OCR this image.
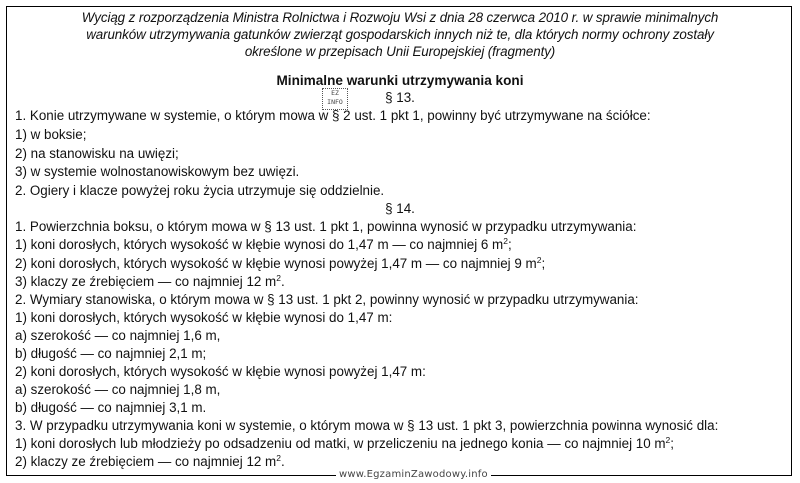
Wyciąg z rozporządzenia Ministra Rolnictwa i Rozwoju Wsi z dnia 28 czerwca 2010 r. w sprawie minimalnych
warunków utrzymywania gatunków zwierząt gospodarskich innych niż te, dla których normy ochrony zostały
określone w przepisach Unii Europejskiej (fragmenty)
Minimalne warunki utrzymywania koni
EZ INFO	§ 13.
1. Konie utrzymywane w systemie, o którym mowa w § 2 ust. 1 pkt 1, powinny być utrzymywane na ściółce:
1) w boksie;
2) na stanowisku na uwięzi;
3) w systemie wolnostanowiskowym bez uwięzi.
2. Ogiery i klacze powyżej roku życia utrzymuje się oddzielnie.
§ 14.
1. Powierzchnia boksu, o którym mowa w § 13 ust. 1 pkt 1, powinna wynosić w przypadku utrzymywania:
1) koni dorosłych, których wysokość w kłębie wynosi do 1,47 m — co najmniej 6 $m^2$;
2) koni dorosłych, których wysokość w kłębie wynosi powyżej 1,47 m — co najmniej 9 $m^2$;
3) klaczy ze źrebięciem — co najmniej 12 $m^2$.
2. Wymiary stanowiska, o którym mowa w § 13 ust. 1 pkt 2, powinny wynosić w przypadku utrzymywania:
1) koni dorosłych, których wysokość w kłębie wynosi do 1,47 m:
a) szerokość — co najmniej 1,6 m,
b) długość — co najmniej 2,1 m;
2) koni dorosłych, których wysokość w kłębie wynosi powyżej 1,47 m:
a) szerokość — co najmniej 1,8 m,
b) długość — co najmniej 3,1 m.
3. W przypadku utrzymywania koni w systemie, o którym mowa w § 13 ust. 1 pkt 3, powierzchnia powinna wynosić dla:
1) koni dorosłych lub młodzieży po odsadzeniu od matki, w przeliczeniu na jednego konia — co najmniej 10 $m^2$;
2) klaczy ze źrebięciem — co najmniej 12 $m^2$.
www.EgzaminZawodowy.info
